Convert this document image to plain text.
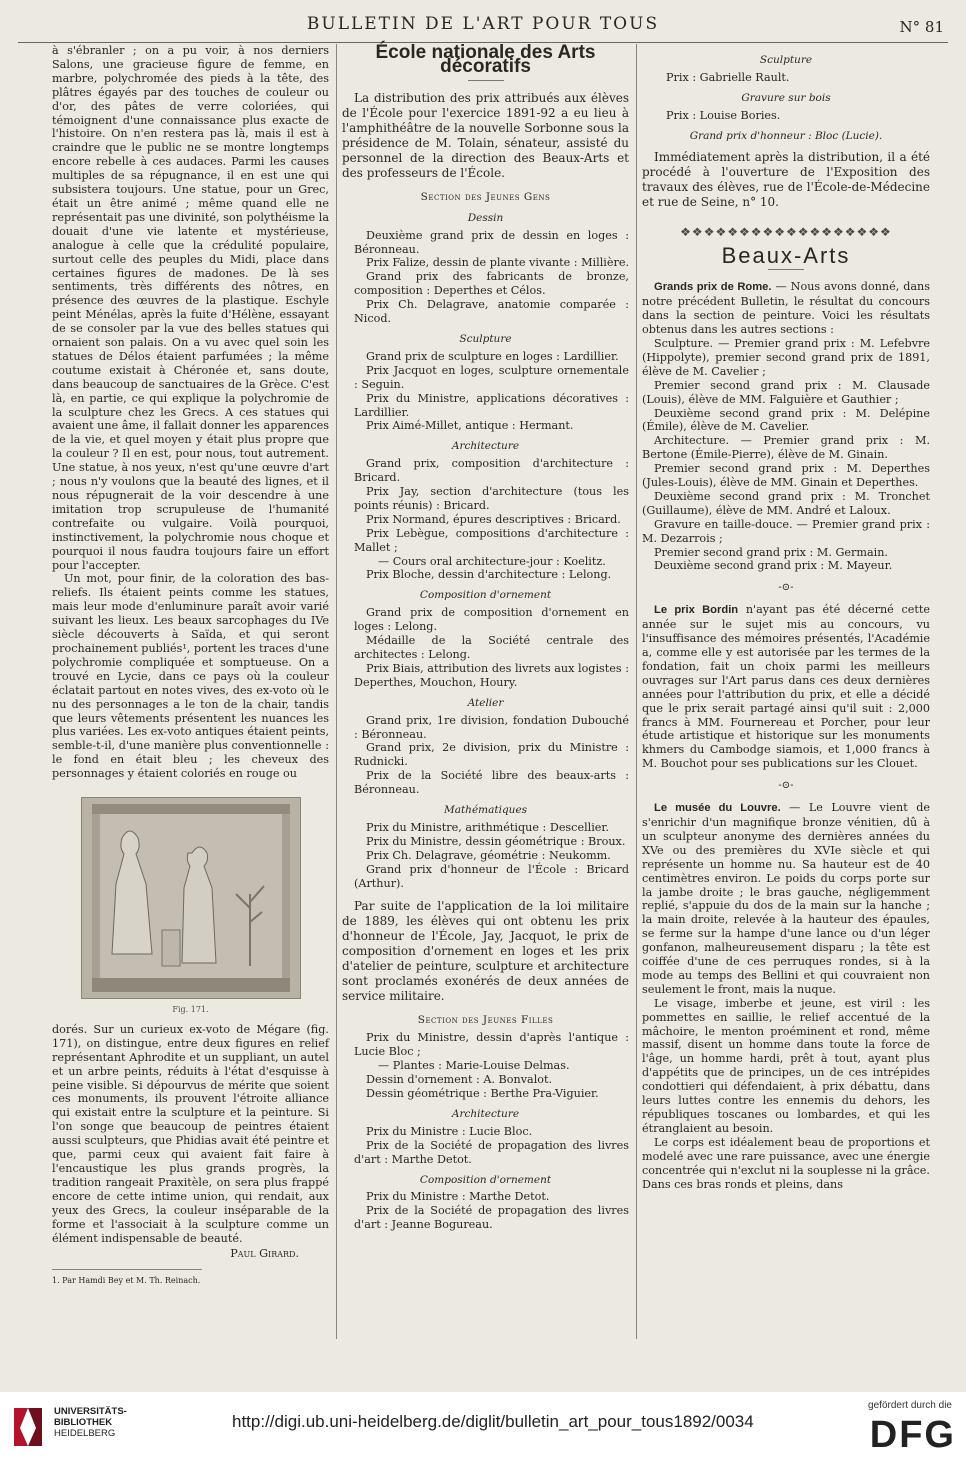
BULLETIN DE L'ART POUR TOUS	N° 81

à s'ébranler ; on a pu voir, à nos derniers Salons, une gracieuse figure de femme, en marbre, polychromée des pieds à la tête, des plâtres égayés par des touches de couleur ou d'or, des pâtes de verre coloriées, qui témoignent d'une connaissance plus exacte de l'histoire. On n'en restera pas là, mais il est à craindre que le public ne se montre longtemps encore rebelle à ces audaces. Parmi les causes multiples de sa répugnance, il en est une qui subsistera toujours. Une statue, pour un Grec, était un être animé ; même quand elle ne représentait pas une divinité, son polythéisme la douait d'une vie latente et mystérieuse, analogue à celle que la crédulité populaire, surtout celle des peuples du Midi, place dans certaines figures de madones. De là ses sentiments, très différents des nôtres, en présence des œuvres de la plastique. Eschyle peint Ménélas, après la fuite d'Hélène, essayant de se consoler par la vue des belles statues qui ornaient son palais. On a vu avec quel soin les statues de Délos étaient parfumées ; la même coutume existait à Chéronée et, sans doute, dans beaucoup de sanctuaires de la Grèce. C'est là, en partie, ce qui explique la polychromie de la sculpture chez les Grecs. A ces statues qui avaient une âme, il fallait donner les apparences de la vie, et quel moyen y était plus propre que la couleur ? Il en est, pour nous, tout autrement. Une statue, à nos yeux, n'est qu'une œuvre d'art ; nous n'y voulons que la beauté des lignes, et il nous répugnerait de la voir descendre à une imitation trop scrupuleuse de l'humanité contrefaite ou vulgaire. Voilà pourquoi, instinctivement, la polychromie nous choque et pourquoi il nous faudra toujours faire un effort pour l'accepter.

Un mot, pour finir, de la coloration des bas-reliefs. Ils étaient peints comme les statues, mais leur mode d'enluminure paraît avoir varié suivant les lieux. Les beaux sarcophages du IVe siècle découverts à Saïda, et qui seront prochainement publiés¹, portent les traces d'une polychromie compliquée et somptueuse. On a trouvé en Lycie, dans ce pays où la couleur éclatait partout en notes vives, des ex-voto où le nu des personnages a le ton de la chair, tandis que leurs vêtements présentent les nuances les plus variées. Les ex-voto antiques étaient peints, semble-t-il, d'une manière plus conventionnelle : le fond en était bleu ; les cheveux des personnages y étaient coloriés en rouge ou

Fig. 171.

dorés. Sur un curieux ex-voto de Mégare (fig. 171), on distingue, entre deux figures en relief représentant Aphrodite et un suppliant, un autel et un arbre peints, réduits à l'état d'esquisse à peine visible. Si dépourvus de mérite que soient ces monuments, ils prouvent l'étroite alliance qui existait entre la sculpture et la peinture. Si l'on songe que beaucoup de peintres étaient aussi sculpteurs, que Phidias avait été peintre et que, parmi ceux qui avaient fait faire à l'encaustique les plus grands progrès, la tradition rangeait Praxitèle, on sera plus frappé encore de cette intime union, qui rendait, aux yeux des Grecs, la couleur inséparable de la forme et l'associait à la sculpture comme un élément indispensable de beauté.

Paul Girard.
1. Par Hamdi Bey et M. Th. Reinach.
École nationale des Arts décoratifs

La distribution des prix attribués aux élèves de l'École pour l'exercice 1891-92 a eu lieu à l'amphithéâtre de la nouvelle Sorbonne sous la présidence de M. Tolain, sénateur, assisté du personnel de la direction des Beaux-Arts et des professeurs de l'École.

Section des Jeunes Gens
Dessin

Deuxième grand prix de dessin en loges : Béronneau.

Prix Falize, dessin de plante vivante : Millière.

Grand prix des fabricants de bronze, composition : Deperthes et Célos.

Prix Ch. Delagrave, anatomie comparée : Nicod.

Sculpture

Grand prix de sculpture en loges : Lardillier.

Prix Jacquot en loges, sculpture ornementale : Seguin.

Prix du Ministre, applications décoratives : Lardillier.

Prix Aimé-Millet, antique : Hermant.

Architecture

Grand prix, composition d'architecture : Bricard.

Prix Jay, section d'architecture (tous les points réunis) : Bricard.

Prix Normand, épures descriptives : Bricard.

Prix Lebègue, compositions d'architecture : Mallet ;

— Cours oral architecture-jour : Koelitz.

Prix Bloche, dessin d'architecture : Lelong.

Composition d'ornement

Grand prix de composition d'ornement en loges : Lelong.

Médaille de la Société centrale des architectes : Lelong.

Prix Biais, attribution des livrets aux logistes : Deperthes, Mouchon, Houry.

Atelier

Grand prix, 1re division, fondation Dubouché : Béronneau.

Grand prix, 2e division, prix du Ministre : Rudnicki.

Prix de la Société libre des beaux-arts : Béronneau.

Mathématiques

Prix du Ministre, arithmétique : Descellier.

Prix du Ministre, dessin géométrique : Broux.

Prix Ch. Delagrave, géométrie : Neukomm.

Grand prix d'honneur de l'École : Bricard (Arthur).

Par suite de l'application de la loi militaire de 1889, les élèves qui ont obtenu les prix d'honneur de l'École, Jay, Jacquot, le prix de composition d'ornement en loges et les prix d'atelier de peinture, sculpture et architecture sont proclamés exonérés de deux années de service militaire.

Section des Jeunes Filles

Prix du Ministre, dessin d'après l'antique : Lucie Bloc ;

— Plantes : Marie-Louise Delmas.

Dessin d'ornement : A. Bonvalot.

Dessin géométrique : Berthe Pra-Viguier.

Architecture

Prix du Ministre : Lucie Bloc.

Prix de la Société de propagation des livres d'art : Marthe Detot.

Composition d'ornement

Prix du Ministre : Marthe Detot.

Prix de la Société de propagation des livres d'art : Jeanne Bogureau.

Sculpture

Prix : Gabrielle Rault.

Gravure sur bois

Prix : Louise Bories.

Grand prix d'honneur : Bloc (Lucie).

Immédiatement après la distribution, il a été procédé à l'ouverture de l'Exposition des travaux des élèves, rue de l'École-de-Médecine et rue de Seine, n° 10.

❖❖❖❖❖❖❖❖❖❖❖❖❖❖❖❖❖❖
Beaux-Arts

Grands prix de Rome. — Nous avons donné, dans notre précédent Bulletin, le résultat du concours dans la section de peinture. Voici les résultats obtenus dans les autres sections :

Sculpture. — Premier grand prix : M. Lefebvre (Hippolyte), premier second grand prix de 1891, élève de M. Cavelier ;

Premier second grand prix : M. Clausade (Louis), élève de MM. Falguière et Gauthier ;

Deuxième second grand prix : M. Delépine (Émile), élève de M. Cavelier.

Architecture. — Premier grand prix : M. Bertone (Émile-Pierre), élève de M. Ginain.

Premier second grand prix : M. Deperthes (Jules-Louis), élève de MM. Ginain et Deperthes.

Deuxième second grand prix : M. Tronchet (Guillaume), élève de MM. André et Laloux.

Gravure en taille-douce. — Premier grand prix : M. Dezarrois ;

Premier second grand prix : M. Germain.

Deuxième second grand prix : M. Mayeur.

-⊙-

Le prix Bordin n'ayant pas été décerné cette année sur le sujet mis au concours, vu l'insuffisance des mémoires présentés, l'Académie a, comme elle y est autorisée par les termes de la fondation, fait un choix parmi les meilleurs ouvrages sur l'Art parus dans ces deux dernières années pour l'attribution du prix, et elle a décidé que le prix serait partagé ainsi qu'il suit : 2,000 francs à MM. Fournereau et Porcher, pour leur étude artistique et historique sur les monuments khmers du Cambodge siamois, et 1,000 francs à M. Bouchot pour ses publications sur les Clouet.

-⊙-

Le musée du Louvre. — Le Louvre vient de s'enrichir d'un magnifique bronze vénitien, dû à un sculpteur anonyme des dernières années du XVe ou des premières du XVIe siècle et qui représente un homme nu. Sa hauteur est de 40 centimètres environ. Le poids du corps porte sur la jambe droite ; le bras gauche, négligemment replié, s'appuie du dos de la main sur la hanche ; la main droite, relevée à la hauteur des épaules, se ferme sur la hampe d'une lance ou d'un léger gonfanon, malheureusement disparu ; la tête est coiffée d'une de ces perruques rondes, si à la mode au temps des Bellini et qui couvraient non seulement le front, mais la nuque.

Le visage, imberbe et jeune, est viril : les pommettes en saillie, le relief accentué de la mâchoire, le menton proéminent et rond, même massif, disent un homme dans toute la force de l'âge, un homme hardi, prêt à tout, ayant plus d'appétits que de principes, un de ces intrépides condottieri qui défendaient, à prix débattu, dans leurs luttes contre les ennemis du dehors, les républiques toscanes ou lombardes, et qui les étranglaient au besoin.

Le corps est idéalement beau de proportions et modelé avec une rare puissance, avec une énergie concentrée qui n'exclut ni la souplesse ni la grâce. Dans ces bras ronds et pleins, dans

UNIVERSITÄTS-
BIBLIOTHEK
HEIDELBERG
http://digi.ub.uni-heidelberg.de/diglit/bulletin_art_pour_tous1892/0034
gefördert durch die
DFG
